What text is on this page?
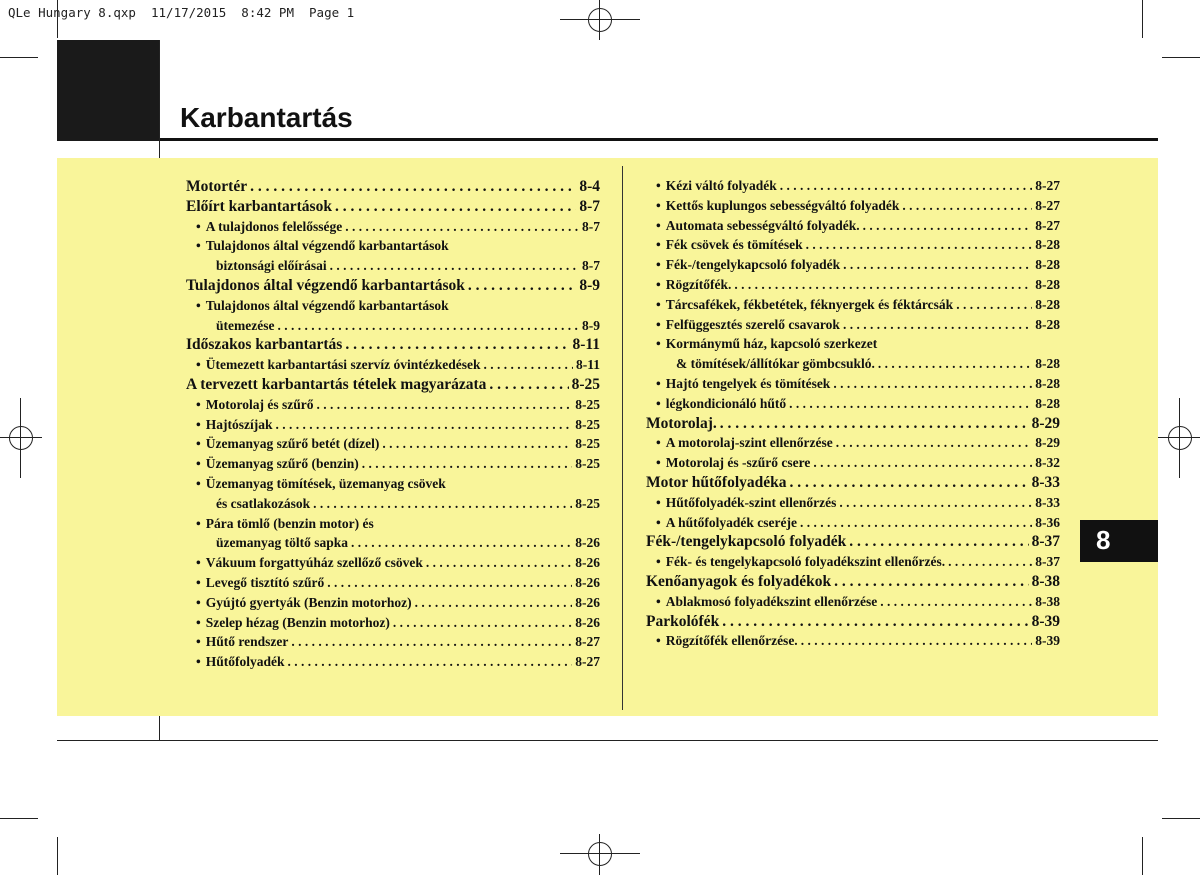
QLe Hungary 8.qxp  11/17/2015  8:42 PM  Page 1
Karbantartás
Motortér . . .	8-4
Előírt karbantartások . . .	8-7
• A tulajdonos felelőssége . . .	8-7
• Tulajdonos által végzendő karbantartások
biztonsági előírásai . . .	8-7
Tulajdonos által végzendő karbantartások . . .	8-9
• Tulajdonos által végzendő karbantartások
ütemezése . . .	8-9
Időszakos karbantartás . . .	8-11
• Ütemezett karbantartási szervíz óvintézkedések . . .	8-11
A tervezett karbantartás tételek magyarázata . . .	8-25
• Motorolaj és szűrő . . .	8-25
• Hajtószíjak . . .	8-25
• Üzemanyag szűrő betét (dízel) . . .	8-25
• Üzemanyag szűrő (benzin) . . .	8-25
• Üzemanyag tömítések, üzemanyag csövek
és csatlakozások . . .	8-25
• Pára tömlő (benzin motor) és
üzemanyag töltő sapka . . .	8-26
• Vákuum forgattyúház szellőző csövek . . .	8-26
• Levegő tisztító szűrő . . .	8-26
• Gyújtó gyertyák (Benzin motorhoz) . . .	8-26
• Szelep hézag (Benzin motorhoz) . . .	8-26
• Hűtő rendszer . . .	8-27
• Hűtőfolyadék . . .	8-27
• Kézi váltó folyadék . . .	8-27
• Kettős kuplungos sebességváltó folyadék . . .	8-27
• Automata sebességváltó folyadék. . . .	8-27
• Fék csövek és tömítések . . .	8-28
• Fék-/tengelykapcsoló folyadék . . .	8-28
• Rögzítőfék. . . .	8-28
• Tárcsafékek, fékbetétek, féknyergek és féktárcsák . . .	8-28
• Felfüggesztés szerelő csavarok . . .	8-28
• Kormánymű ház, kapcsoló szerkezet
& tömítések/állítókar gömbcsukló. . . .	8-28
• Hajtó tengelyek és tömítések . . .	8-28
• légkondicionáló hűtő . . .	8-28
Motorolaj. . . .	8-29
• A motorolaj-szint ellenőrzése . . .	8-29
• Motorolaj és -szűrő csere . . .	8-32
Motor hűtőfolyadéka . . .	8-33
• Hűtőfolyadék-szint ellenőrzés . . .	8-33
• A hűtőfolyadék cseréje . . .	8-36
Fék-/tengelykapcsoló folyadék . . .	8-37
• Fék- és tengelykapcsoló folyadékszint ellenőrzés. . . .	8-37
Kenőanyagok és folyadékok . . .	8-38
• Ablakmosó folyadékszint ellenőrzése . . .	8-38
Parkolófék . . .	8-39
• Rögzítőfék ellenőrzése. . . .	8-39
8
